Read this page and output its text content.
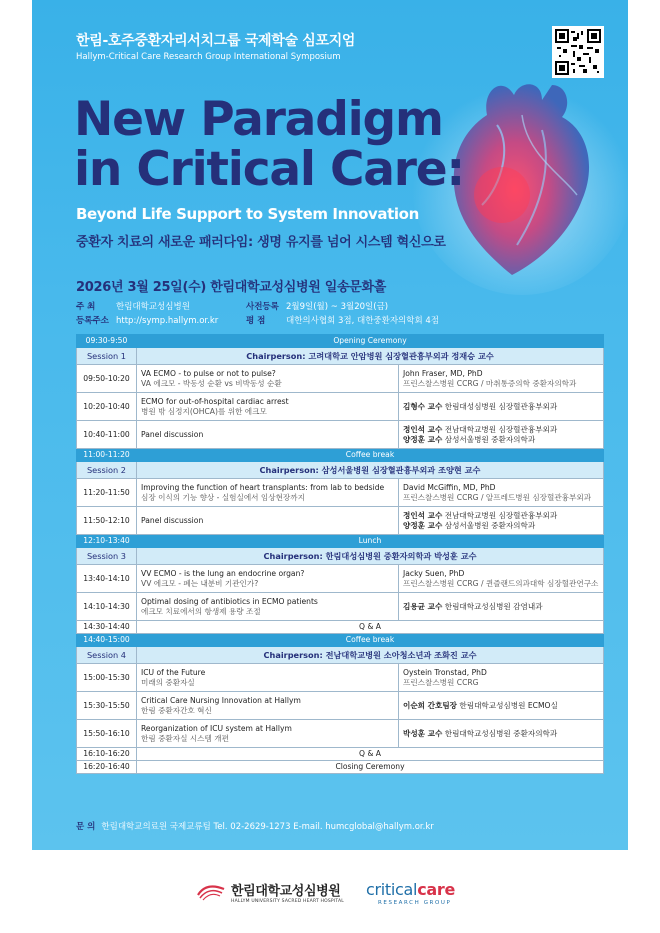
한림-호주중환자리서치그룹 국제학술 심포지엄
Hallym-Critical Care Research Group International Symposium
New Paradigm
in Critical Care:
Beyond Life Support to System Innovation
중환자 치료의 새로운 패러다임: 생명 유지를 넘어 시스템 혁신으로
2026년 3월 25일(수) 한림대학교성심병원 일송문화홀
주 최 한림대학교성심병원
등록주소 http://symp.hallym.or.kr
사전등록 2월9일(월) ~ 3월20일(금)
평 점 대한의사협회 3점, 대한중환자의학회 4점
09:30-9:50	Opening Ceremony	
Session 1	Chairperson: 고려대학교 안암병원 심장혈관흉부외과 정재승 교수	
09:50-10:20	VA ECMO - to pulse or not to pulse?
VA 에크모 - 박동성 순환 vs 비박동성 순환	John Fraser, MD, PhD
프린스찰스병원 CCRG / 마취통증의학 중환자의학과

10:20-10:40	ECMO for out-of-hospital cardiac arrest
병원 밖 심정지(OHCA)를 위한 에크모	김형수 교수 한림대성심병원 심장혈관흉부외과
10:40-11:00	Panel discussion	정인석 교수 전남대학교병원 심장혈관흉부외과
양정훈 교수 삼성서울병원 중환자의학과

11:00-11:20	Coffee break	
Session 2	Chairperson: 삼성서울병원 심장혈관흉부외과 조양현 교수	
11:20-11:50	Improving the function of heart transplants: from lab to bedside
심장 이식의 기능 향상 - 실험실에서 임상현장까지	David McGiffin, MD, PhD
프린스찰스병원 CCRG / 알프레드병원 심장혈관흉부외과

11:50-12:10	Panel discussion	정인석 교수 전남대학교병원 심장혈관흉부외과
양정훈 교수 삼성서울병원 중환자의학과

12:10-13:40	Lunch	
Session 3	Chairperson: 한림대성심병원 중환자의학과 박성훈 교수	
13:40-14:10	VV ECMO - is the lung an endocrine organ?
VV 에크모 - 폐는 내분비 기관인가?	Jacky Suen, PhD
프린스찰스병원 CCRG / 퀸즐랜드의과대학 심장혈관연구소

14:10-14:30	Optimal dosing of antibiotics in ECMO patients
에크모 치료에서의 항생제 용량 조절	김용균 교수 한림대학교성심병원 감염내과
14:30-14:40	Q & A	
14:40-15:00	Coffee break	
Session 4	Chairperson: 전남대학교병원 소아청소년과 조화진 교수	
15:00-15:30	ICU of the Future
미래의 중환자실	Oystein Tronstad, PhD
프린스찰스병원 CCRG

15:30-15:50	Critical Care Nursing Innovation at Hallym
한림 중환자간호 혁신	이순희 간호팀장 한림대학교성심병원 ECMO실
15:50-16:10	Reorganization of ICU system at Hallym
한림 중환자실 시스템 개편	박성훈 교수 한림대학교성심병원 중환자의학과
16:10-16:20	Q & A	
16:20-16:40	Closing Ceremony	
문 의 한림대학교의료원 국제교류팀 Tel. 02-2629-1273 E-mail. humcglobal@hallym.or.kr
한림대학교성심병원
HALLYM UNIVERSITY SACRED HEART HOSPITAL
criticalcare
RESEARCH GROUP
